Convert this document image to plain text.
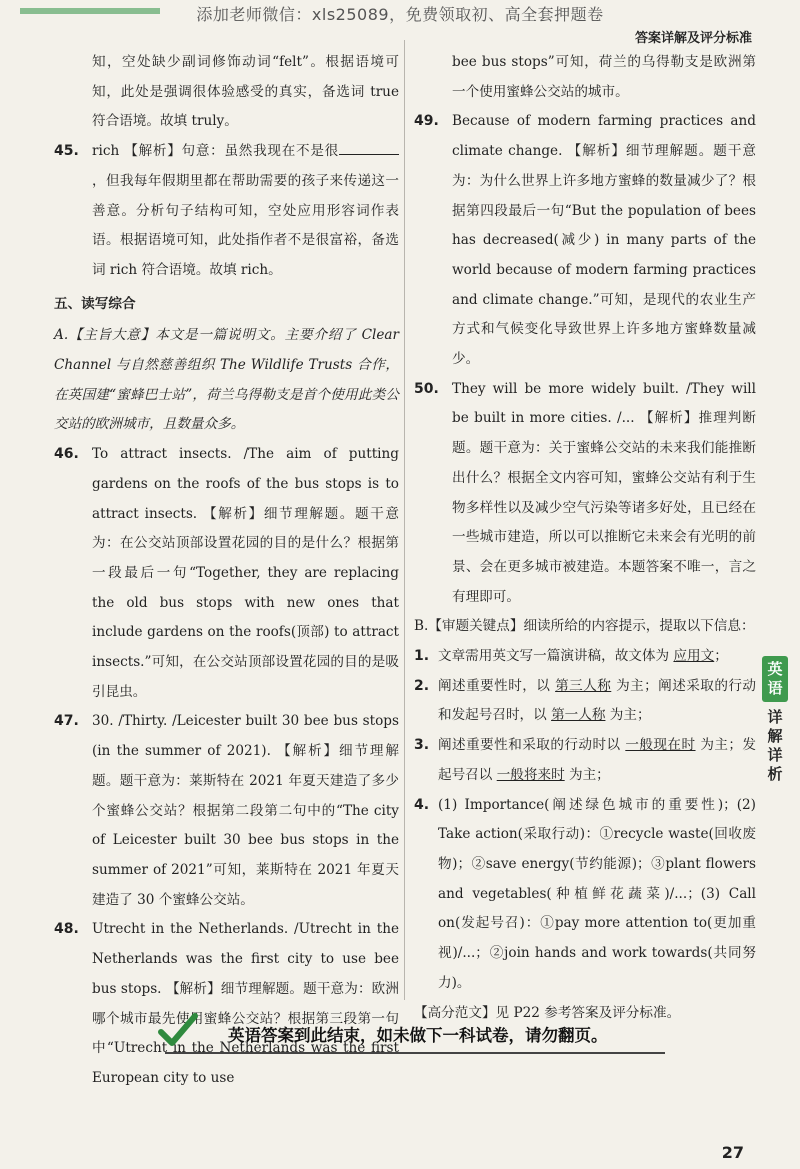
添加老师微信：xls25089，免费领取初、高全套押题卷
答案详解及评分标准

知，空处缺少副词修饰动词“felt”。根据语境可知，此处是强调很体验感受的真实，备选词 true 符合语境。故填 truly。

45. rich 【解析】句意：虽然我现在不是很，但我每年假期里都在帮助需要的孩子来传递这一善意。分析句子结构可知，空处应用形容词作表语。根据语境可知，此处指作者不是很富裕，备选词 rich 符合语境。故填 rich。

五、读写综合

A.【主旨大意】本文是一篇说明文。主要介绍了 Clear Channel 与自然慈善组织 The Wildlife Trusts 合作，在英国建“蜜蜂巴士站”，荷兰乌得勒支是首个使用此类公交站的欧洲城市，且数量众多。

46. To attract insects. /The aim of putting gardens on the roofs of the bus stops is to attract insects. 【解析】细节理解题。题干意为：在公交站顶部设置花园的目的是什么？根据第一段最后一句“Together, they are replacing the old bus stops with new ones that include gardens on the roofs(顶部) to attract insects.”可知，在公交站顶部设置花园的目的是吸引昆虫。

47. 30. /Thirty. /Leicester built 30 bee bus stops (in the summer of 2021). 【解析】细节理解题。题干意为：莱斯特在 2021 年夏天建造了多少个蜜蜂公交站？根据第二段第二句中的“The city of Leicester built 30 bee bus stops in the summer of 2021”可知，莱斯特在 2021 年夏天建造了 30 个蜜蜂公交站。

48. Utrecht in the Netherlands. /Utrecht in the Netherlands was the first city to use bee bus stops. 【解析】细节理解题。题干意为：欧洲哪个城市最先使用蜜蜂公交站？根据第三段第一句中“Utrecht in the Netherlands was the first European city to use

bee bus stops”可知，荷兰的乌得勒支是欧洲第一个使用蜜蜂公交站的城市。

49. Because of modern farming practices and climate change. 【解析】细节理解题。题干意为：为什么世界上许多地方蜜蜂的数量减少了？根据第四段最后一句“But the population of bees has decreased(减少) in many parts of the world because of modern farming practices and climate change.”可知，是现代的农业生产方式和气候变化导致世界上许多地方蜜蜂数量减少。

50. They will be more widely built. /They will be built in more cities. /... 【解析】推理判断题。题干意为：关于蜜蜂公交站的未来我们能推断出什么？根据全文内容可知，蜜蜂公交站有利于生物多样性以及减少空气污染等诸多好处，且已经在一些城市建造，所以可以推断它未来会有光明的前景、会在更多城市被建造。本题答案不唯一，言之有理即可。

B.【审题关键点】细读所给的内容提示，提取以下信息：

1. 文章需用英文写一篇演讲稿，故文体为 应用文；

2. 阐述重要性时，以 第三人称 为主；阐述采取的行动和发起号召时，以 第一人称 为主；

3. 阐述重要性和采取的行动时以 一般现在时 为主；发起号召以 一般将来时 为主；

4. (1) Importance(阐述绿色城市的重要性)；(2) Take action(采取行动)：①recycle waste(回收废物)；②save energy(节约能源)；③plant flowers and vegetables(种植鲜花蔬菜)/...；(3) Call on(发起号召)：①pay more attention to(更加重视)/...；②join hands and work towards(共同努力)。

【高分范文】见 P22 参考答案及评分标准。

英语
详解详析
英语答案到此结束，如未做下一科试卷，请勿翻页。
27
